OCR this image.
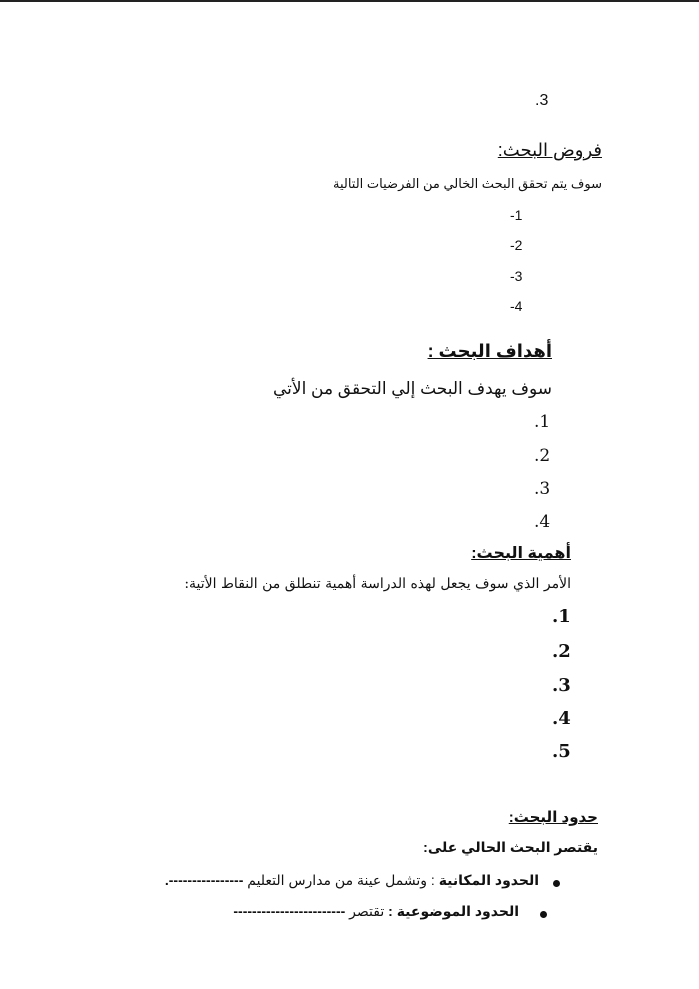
.3
فروض البحث:
سوف يتم تحقق البحث الخالي من الفرضيات التالية
-1
-2
-3
-4
أهداف البحث :
سوف يهدف البحث إلي التحقق من الأتي
.1
.2
.3
.4
أهمية البحث:
الأمر الذي سوف يجعل لهذه الدراسة أهمية تنطلق من النقاط الأتية:
.1
.2
.3
.4
.5
حدود البحث:
يقتصر البحث الحالي على:
الحدود المكانية : وتشمل عينة من مدارس التعليم ----------------.
الحدود الموضوعية : تقتصر ------------------------
